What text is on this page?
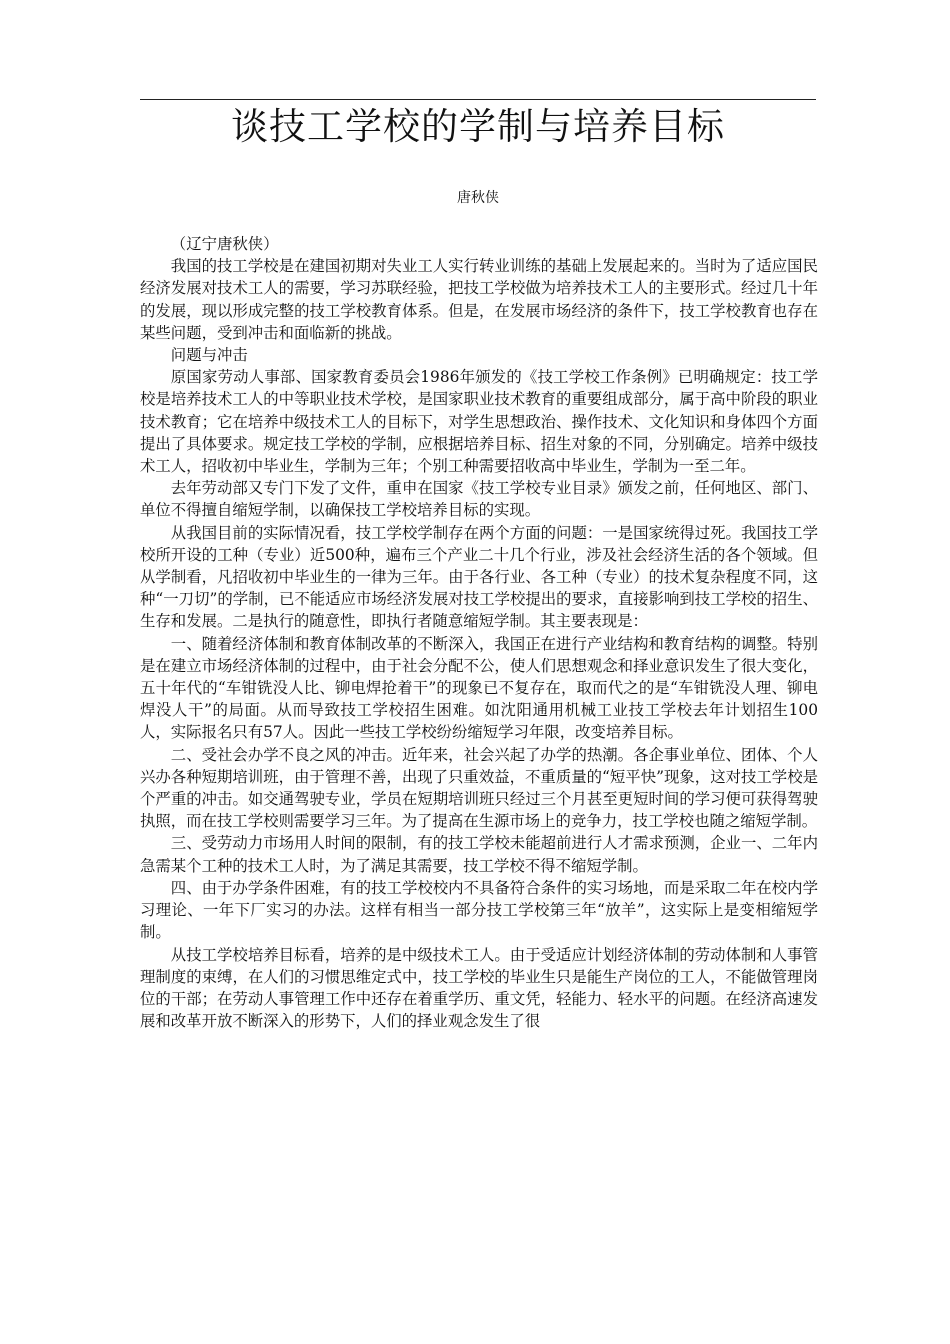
谈技工学校的学制与培养目标
唐秋侠

（辽宁唐秋侠）

我国的技工学校是在建国初期对失业工人实行转业训练的基础上发展起来的。当时为了适应国民经济发展对技术工人的需要，学习苏联经验，把技工学校做为培养技术工人的主要形式。经过几十年的发展，现以形成完整的技工学校教育体系。但是，在发展市场经济的条件下，技工学校教育也存在某些问题，受到冲击和面临新的挑战。

问题与冲击

原国家劳动人事部、国家教育委员会1986年颁发的《技工学校工作条例》已明确规定：技工学校是培养技术工人的中等职业技术学校，是国家职业技术教育的重要组成部分，属于高中阶段的职业技术教育；它在培养中级技术工人的目标下，对学生思想政治、操作技术、文化知识和身体四个方面提出了具体要求。规定技工学校的学制，应根据培养目标、招生对象的不同，分别确定。培养中级技术工人，招收初中毕业生，学制为三年；个别工种需要招收高中毕业生，学制为一至二年。

去年劳动部又专门下发了文件，重申在国家《技工学校专业目录》颁发之前，任何地区、部门、单位不得擅自缩短学制，以确保技工学校培养目标的实现。

从我国目前的实际情况看，技工学校学制存在两个方面的问题：一是国家统得过死。我国技工学校所开设的工种（专业）近500种，遍布三个产业二十几个行业，涉及社会经济生活的各个领域。但从学制看，凡招收初中毕业生的一律为三年。由于各行业、各工种（专业）的技术复杂程度不同，这种“一刀切”的学制，已不能适应市场经济发展对技工学校提出的要求，直接影响到技工学校的招生、生存和发展。二是执行的随意性，即执行者随意缩短学制。其主要表现是：

一、随着经济体制和教育体制改革的不断深入，我国正在进行产业结构和教育结构的调整。特别是在建立市场经济体制的过程中，由于社会分配不公，使人们思想观念和择业意识发生了很大变化，五十年代的“车钳铣没人比、铆电焊抢着干”的现象已不复存在，取而代之的是“车钳铣没人理、铆电焊没人干”的局面。从而导致技工学校招生困难。如沈阳通用机械工业技工学校去年计划招生100人，实际报名只有57人。因此一些技工学校纷纷缩短学习年限，改变培养目标。

二、受社会办学不良之风的冲击。近年来，社会兴起了办学的热潮。各企事业单位、团体、个人兴办各种短期培训班，由于管理不善，出现了只重效益，不重质量的“短平快”现象，这对技工学校是个严重的冲击。如交通驾驶专业，学员在短期培训班只经过三个月甚至更短时间的学习便可获得驾驶执照，而在技工学校则需要学习三年。为了提高在生源市场上的竞争力，技工学校也随之缩短学制。

三、受劳动力市场用人时间的限制，有的技工学校未能超前进行人才需求预测，企业一、二年内急需某个工种的技术工人时，为了满足其需要，技工学校不得不缩短学制。

四、由于办学条件困难，有的技工学校校内不具备符合条件的实习场地，而是采取二年在校内学习理论、一年下厂实习的办法。这样有相当一部分技工学校第三年“放羊”，这实际上是变相缩短学制。

从技工学校培养目标看，培养的是中级技术工人。由于受适应计划经济体制的劳动体制和人事管理制度的束缚，在人们的习惯思维定式中，技工学校的毕业生只是能生产岗位的工人，不能做管理岗位的干部；在劳动人事管理工作中还存在着重学历、重文凭，轻能力、轻水平的问题。在经济高速发展和改革开放不断深入的形势下，人们的择业观念发生了很
